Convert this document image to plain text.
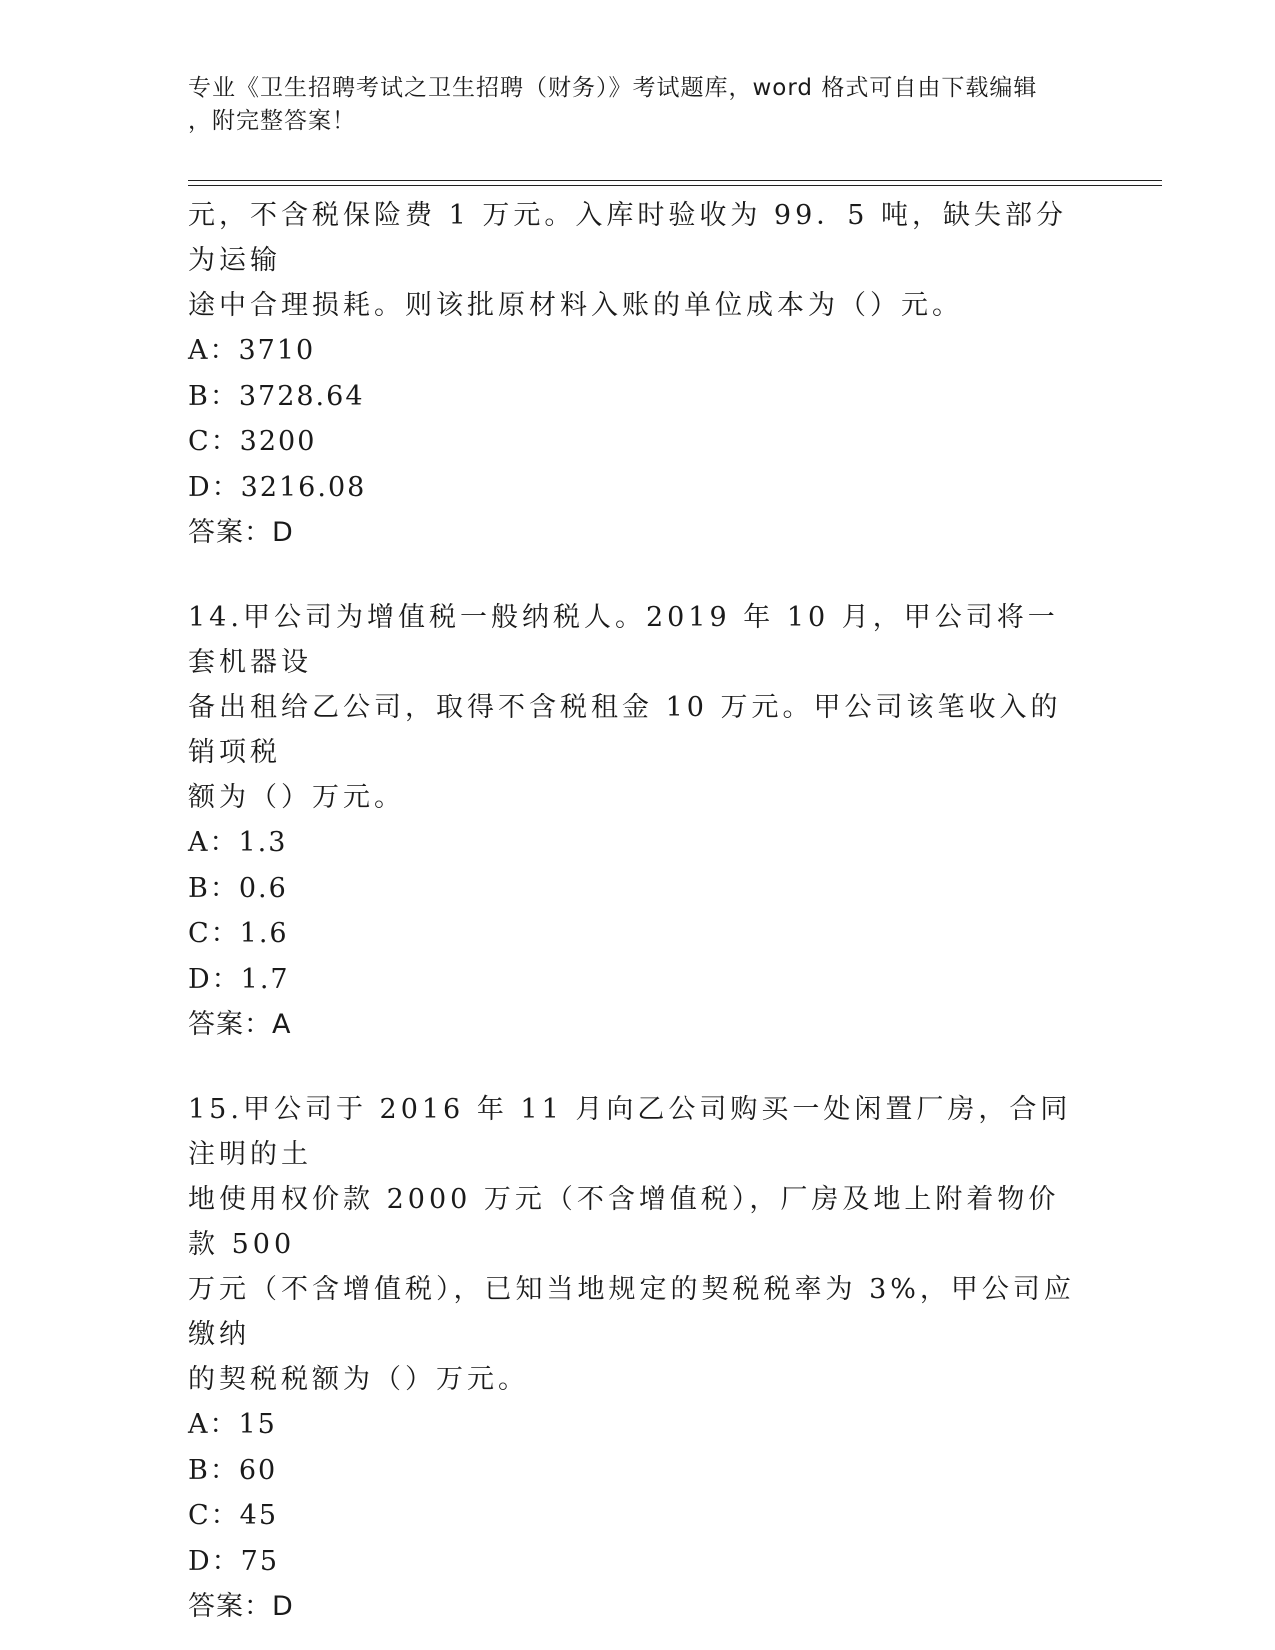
专业《卫生招聘考试之卫生招聘（财务）》考试题库，word 格式可自由下载编辑
，附完整答案！

元，不含税保险费 1 万元。入库时验收为 99．5 吨，缺失部分为运输

途中合理损耗。则该批原材料入账的单位成本为（）元。

A：3710

B：3728.64

C：3200

D：3216.08

答案：D

14.甲公司为增值税一般纳税人。2019 年 10 月，甲公司将一套机器设

备出租给乙公司，取得不含税租金 10 万元。甲公司该笔收入的销项税

额为（）万元。

A：1.3

B：0.6

C：1.6

D：1.7

答案：A

15.甲公司于 2016 年 11 月向乙公司购买一处闲置厂房，合同注明的土

地使用权价款 2000 万元（不含增值税），厂房及地上附着物价款 500

万元（不含增值税），已知当地规定的契税税率为 3%，甲公司应缴纳

的契税税额为（）万元。

A：15

B：60

C：45

D：75

答案：D
